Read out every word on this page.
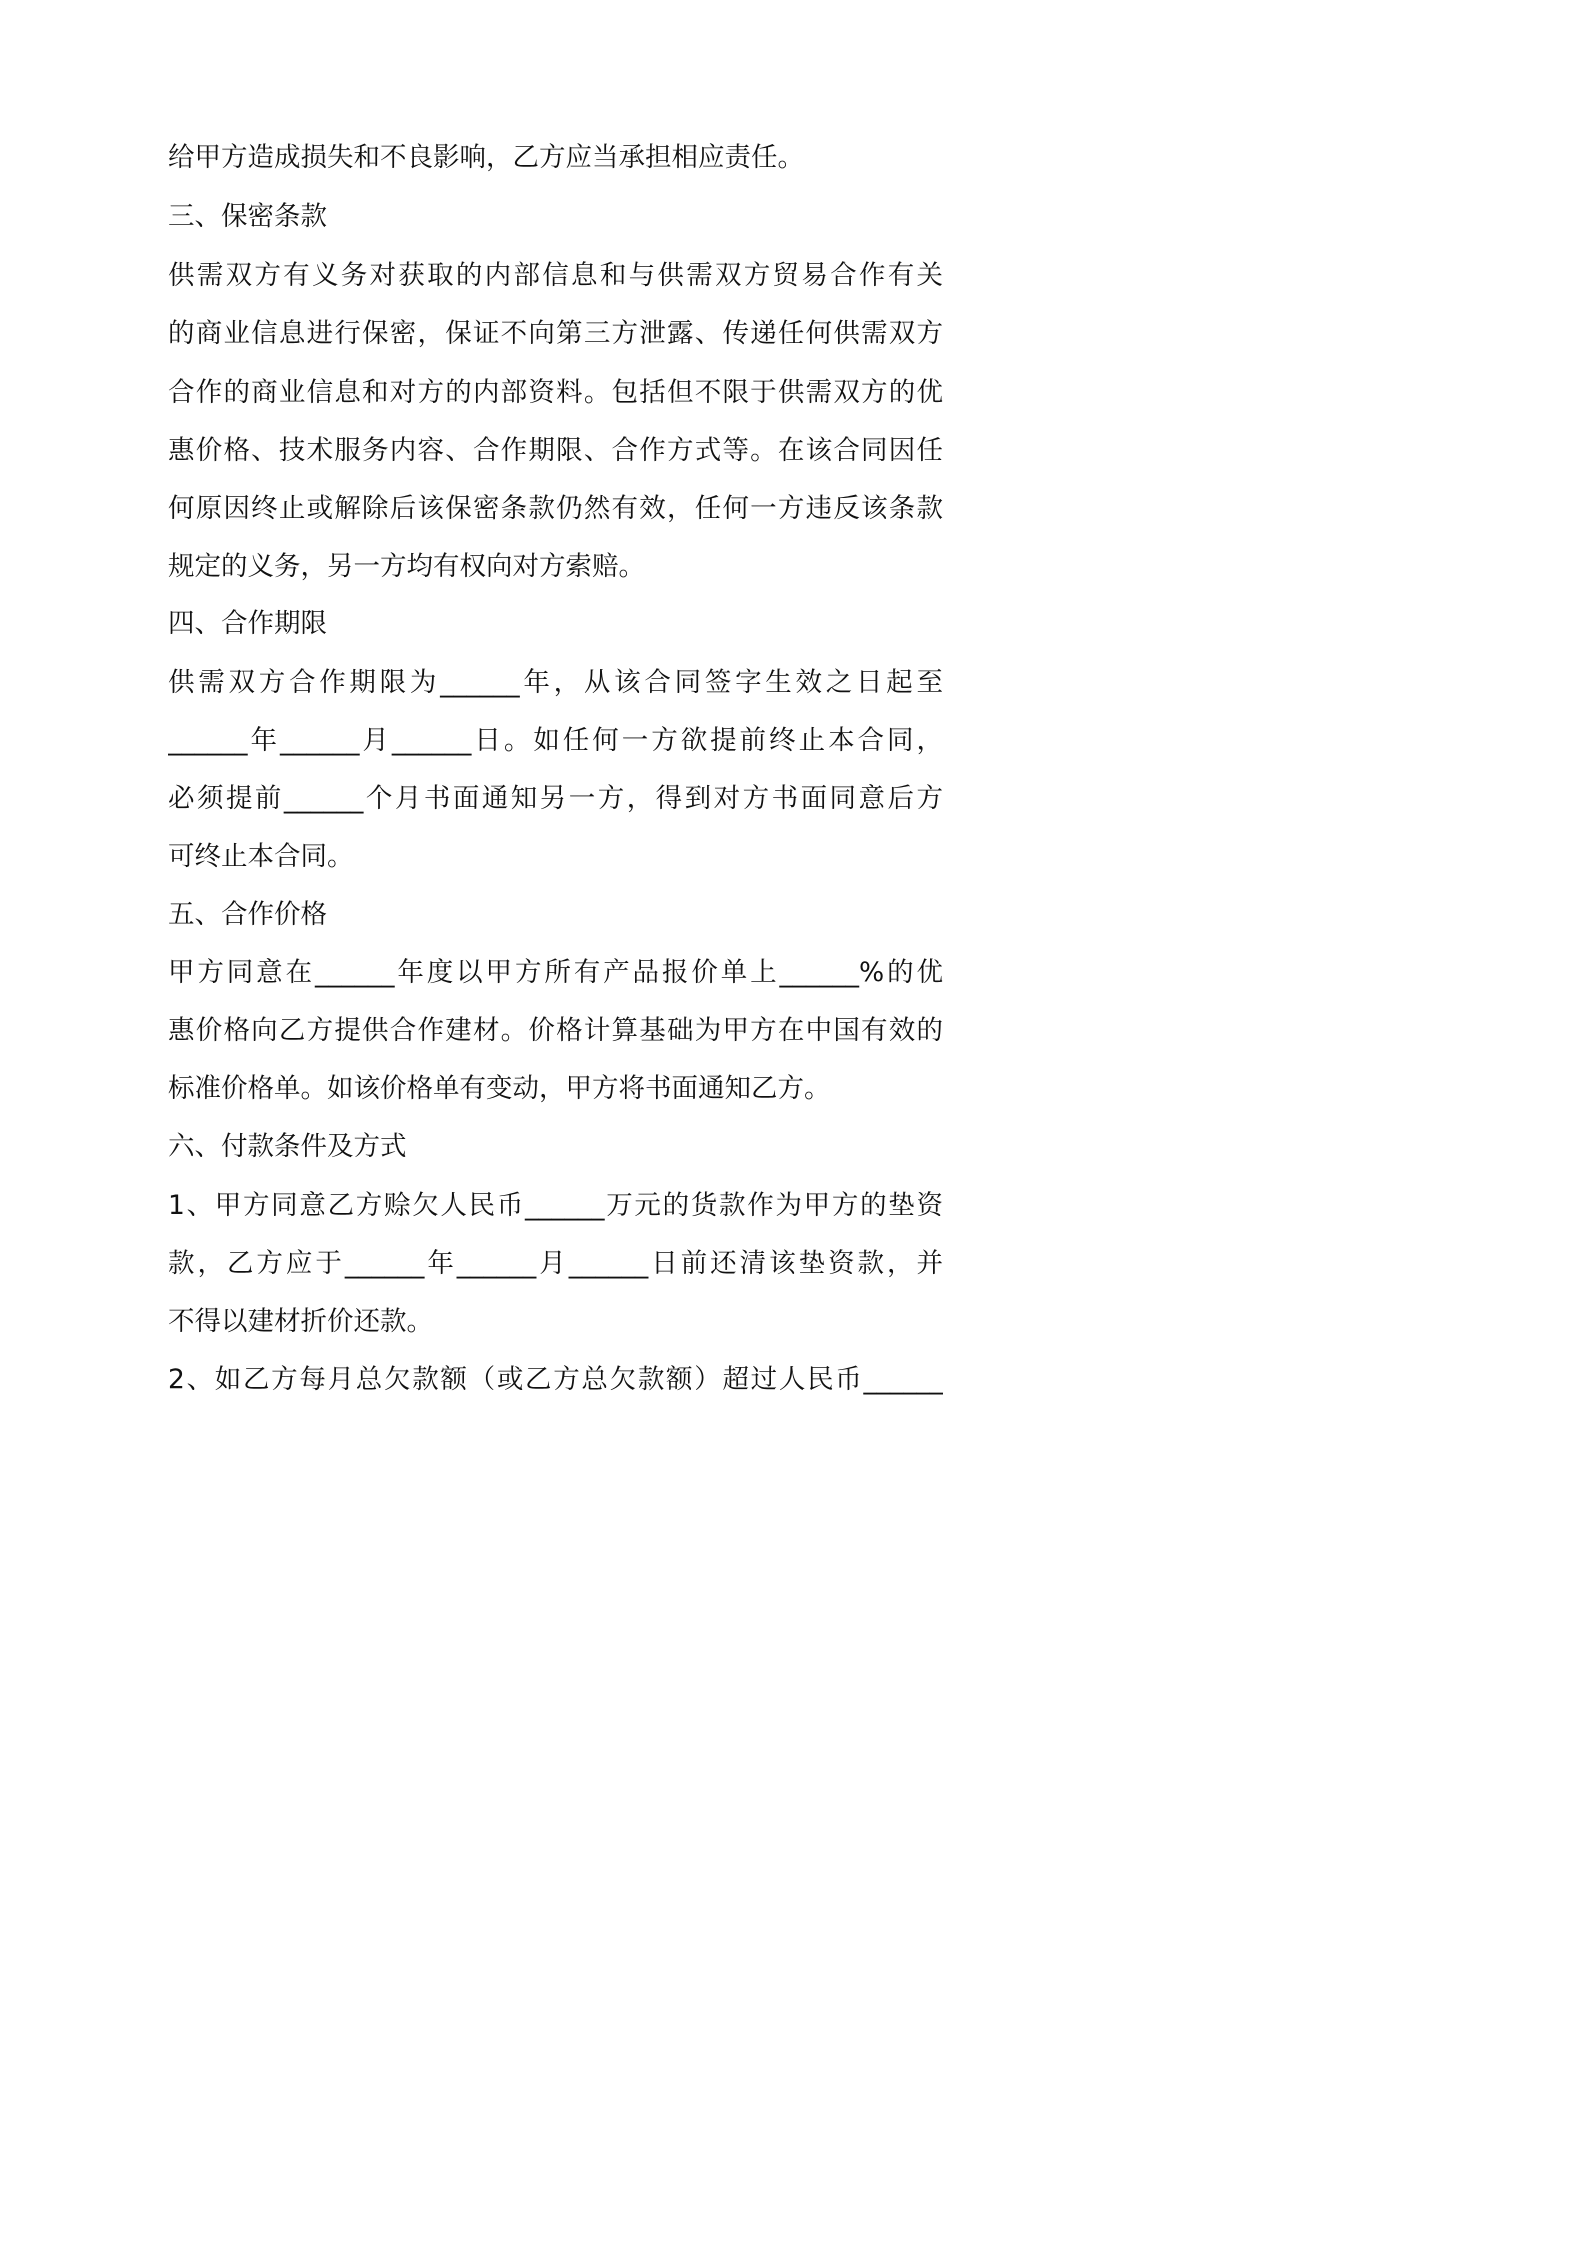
给甲方造成损失和不良影响，乙方应当承担相应责任。

三、保密条款

供需双方有义务对获取的内部信息和与供需双方贸易合作有关

的商业信息进行保密，保证不向第三方泄露、传递任何供需双方

合作的商业信息和对方的内部资料。包括但不限于供需双方的优

惠价格、技术服务内容、合作期限、合作方式等。在该合同因任

何原因终止或解除后该保密条款仍然有效，任何一方违反该条款

规定的义务，另一方均有权向对方索赔。

四、合作期限

供需双方合作期限为______年，从该合同签字生效之日起至

______年______月______日。如任何一方欲提前终止本合同，

必须提前______个月书面通知另一方，得到对方书面同意后方

可终止本合同。

五、合作价格

甲方同意在______年度以甲方所有产品报价单上______%的优

惠价格向乙方提供合作建材。价格计算基础为甲方在中国有效的

标准价格单。如该价格单有变动，甲方将书面通知乙方。

六、付款条件及方式

1、甲方同意乙方赊欠人民币______万元的货款作为甲方的垫资

款，乙方应于______年______月______日前还清该垫资款，并

不得以建材折价还款。

2、如乙方每月总欠款额（或乙方总欠款额）超过人民币______
